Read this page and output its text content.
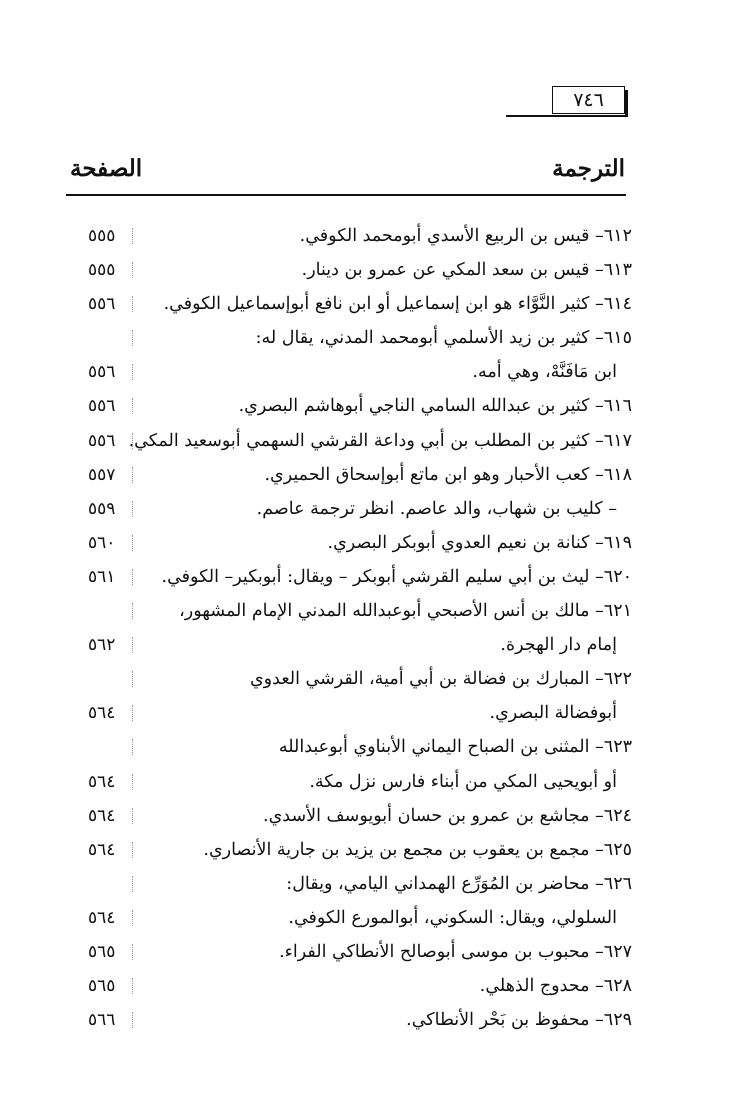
٧٤٦
الترجمة
الصفحة
٦١٢– قيس بن الربيع الأسدي أبومحمد الكوفي.
٥٥٥
٦١٣– قيس بن سعد المكي عن عمرو بن دينار.
٥٥٥
٦١٤– كثير النَّوَّاء هو ابن إسماعيل أو ابن نافع أبوإسماعيل الكوفي.
٥٥٦
٦١٥– كثير بن زيد الأسلمي أبومحمد المدني، يقال له:
ابن مَافَنَّهْ، وهي أمه.
٥٥٦
٦١٦– كثير بن عبدالله السامي الناجي أبوهاشم البصري.
٥٥٦
٦١٧– كثير بن المطلب بن أبي وداعة القرشي السهمي أبوسعيد المكي.
٥٥٦
٦١٨– كعب الأحبار وهو ابن ماتع أبوإسحاق الحميري.
٥٥٧
– كليب بن شهاب، والد عاصم. انظر ترجمة عاصم.
٥٥٩
٦١٩– كنانة بن نعيم العدوي أبوبكر البصري.
٥٦٠
٦٢٠– ليث بن أبي سليم القرشي أبوبكر – ويقال: أبوبكير– الكوفي.
٥٦١
٦٢١– مالك بن أنس الأصبحي أبوعبدالله المدني الإمام المشهور،
إمام دار الهجرة.
٥٦٢
٦٢٢– المبارك بن فضالة بن أبي أمية، القرشي العدوي
أبوفضالة البصري.
٥٦٤
٦٢٣– المثنى بن الصباح اليماني الأبناوي أبوعبدالله
أو أبويحيى المكي من أبناء فارس نزل مكة.
٥٦٤
٦٢٤– مجاشع بن عمرو بن حسان أبويوسف الأسدي.
٥٦٤
٦٢٥– مجمع بن يعقوب بن مجمع بن يزيد بن جارية الأنصاري.
٥٦٤
٦٢٦– محاضر بن المُوَرِّع الهمداني اليامي، ويقال:
السلولي، ويقال: السكوني، أبوالمورع الكوفي.
٥٦٤
٦٢٧– محبوب بن موسى أبوصالح الأنطاكي الفراء.
٥٦٥
٦٢٨– محدوج الذهلي.
٥٦٥
٦٢٩– محفوظ بن بَحْر الأنطاكي.
٥٦٦
